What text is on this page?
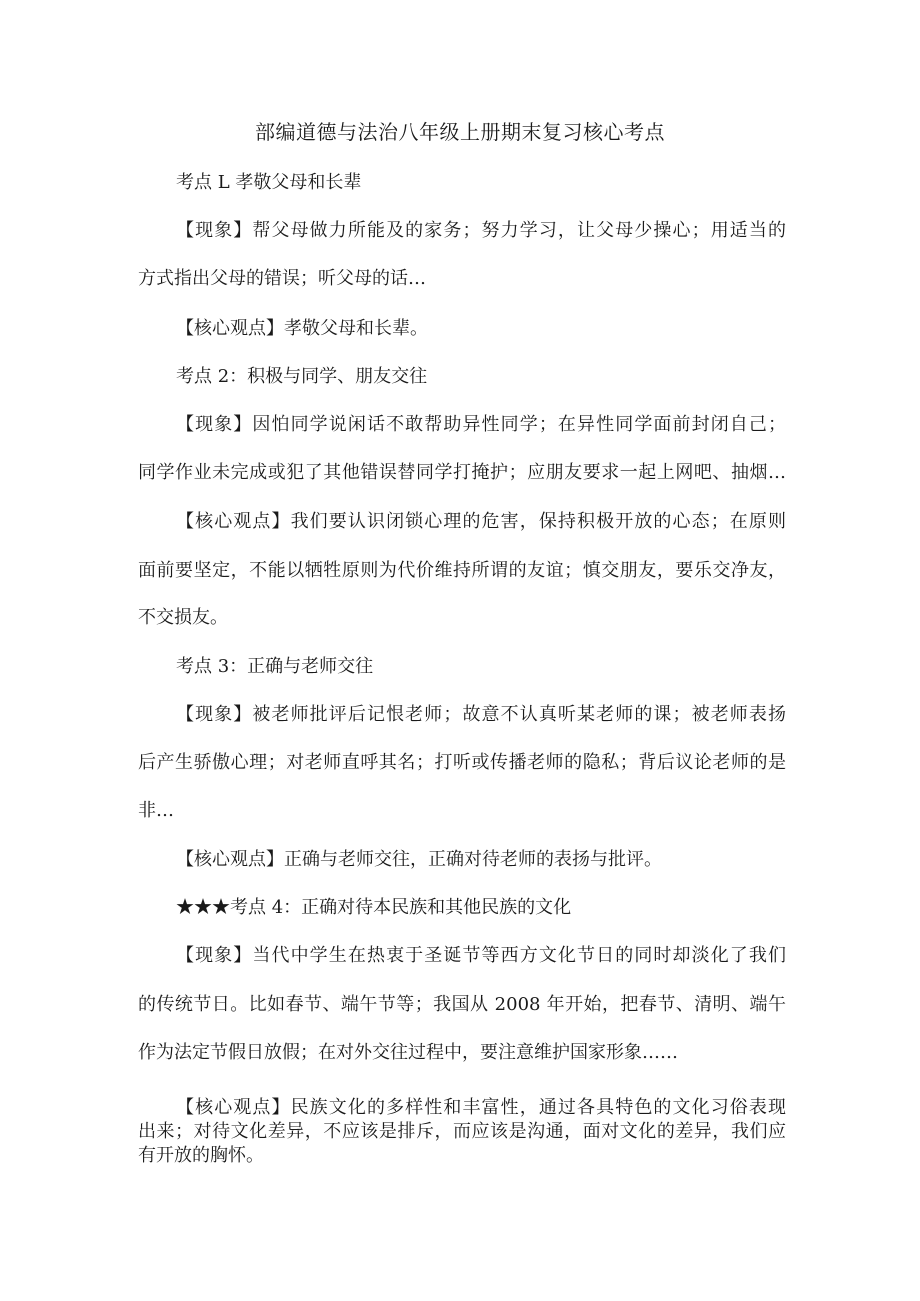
部编道德与法治八年级上册期末复习核心考点
考点 L 孝敬父母和长辈
【现象】帮父母做力所能及的家务；努力学习，让父母少操心；用适当的
方式指出父母的错误；听父母的话…
【核心观点】孝敬父母和长辈。
考点 2：积极与同学、朋友交往
【现象】因怕同学说闲话不敢帮助异性同学；在异性同学面前封闭自己；
同学作业未完成或犯了其他错误替同学打掩护；应朋友要求一起上网吧、抽烟…
【核心观点】我们要认识闭锁心理的危害，保持积极开放的心态；在原则
面前要坚定，不能以牺牲原则为代价维持所谓的友谊；慎交朋友，要乐交净友，
不交损友。
考点 3：正确与老师交往
【现象】被老师批评后记恨老师；故意不认真听某老师的课；被老师表扬
后产生骄傲心理；对老师直呼其名；打听或传播老师的隐私；背后议论老师的是
非…
【核心观点】正确与老师交往，正确对待老师的表扬与批评。
★★★考点 4：正确对待本民族和其他民族的文化
【现象】当代中学生在热衷于圣诞节等西方文化节日的同时却淡化了我们
的传统节日。比如春节、端午节等；我国从 2008 年开始，把春节、清明、端午
作为法定节假日放假；在对外交往过程中，要注意维护国家形象……
【核心观点】民族文化的多样性和丰富性，通过各具特色的文化习俗表现
出来；对待文化差异，不应该是排斥，而应该是沟通，面对文化的差异，我们应
有开放的胸怀。
